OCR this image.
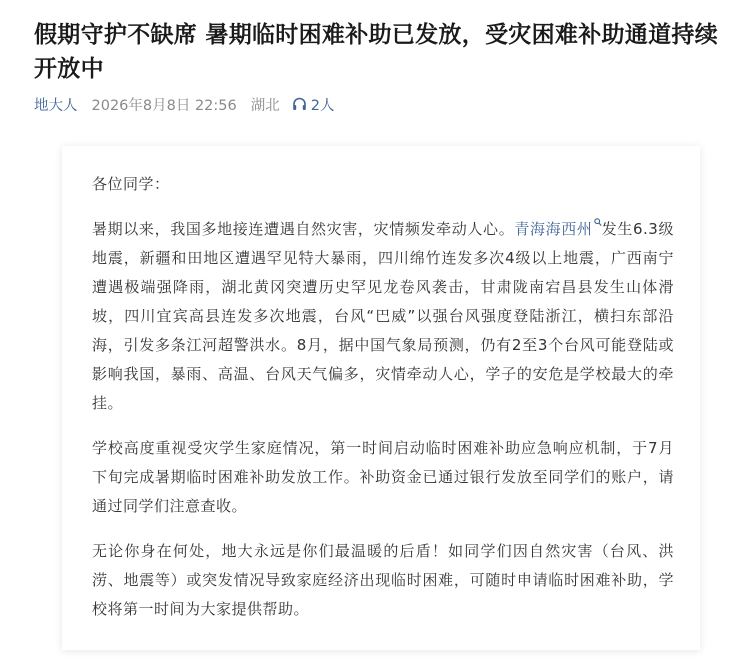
假期守护不缺席 暑期临时困难补助已发放，受灾困难补助通道持续开放中
地大人 2026年8月8日 22:56 湖北 2人

各位同学：

暑期以来，我国多地接连遭遇自然灾害，灾情频发牵动人心。青海海西州 发生6.3级地震，新疆和田地区遭遇罕见特大暴雨，四川绵竹连发多次4级以上地震，广西南宁遭遇极端强降雨，湖北黄冈突遭历史罕见龙卷风袭击，甘肃陇南宕昌县发生山体滑坡，四川宜宾高县连发多次地震，台风“巴威”以强台风强度登陆浙江，横扫东部沿海，引发多条江河超警洪水。8月，据中国气象局预测，仍有2至3个台风可能登陆或影响我国，暴雨、高温、台风天气偏多，灾情牵动人心，学子的安危是学校最大的牵挂。

学校高度重视受灾学生家庭情况，第一时间启动临时困难补助应急响应机制，于7月下旬完成暑期临时困难补助发放工作。补助资金已通过银行发放至同学们的账户，请通过同学们注意查收。

无论你身在何处，地大永远是你们最温暖的后盾！如同学们因自然灾害（台风、洪涝、地震等）或突发情况导致家庭经济出现临时困难，可随时申请临时困难补助，学校将第一时间为大家提供帮助。
